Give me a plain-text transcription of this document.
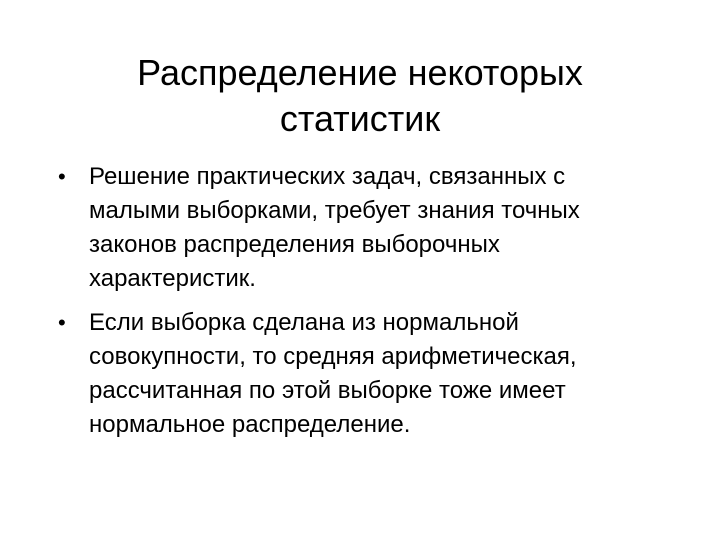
Распределение некоторых
статистик
• Решение практических задач, связанных с
малыми выборками, требует знания точных
законов распределения выборочных
характеристик.
• Если выборка сделана из нормальной
совокупности, то средняя арифметическая,
рассчитанная по этой выборке тоже имеет
нормальное распределение.
